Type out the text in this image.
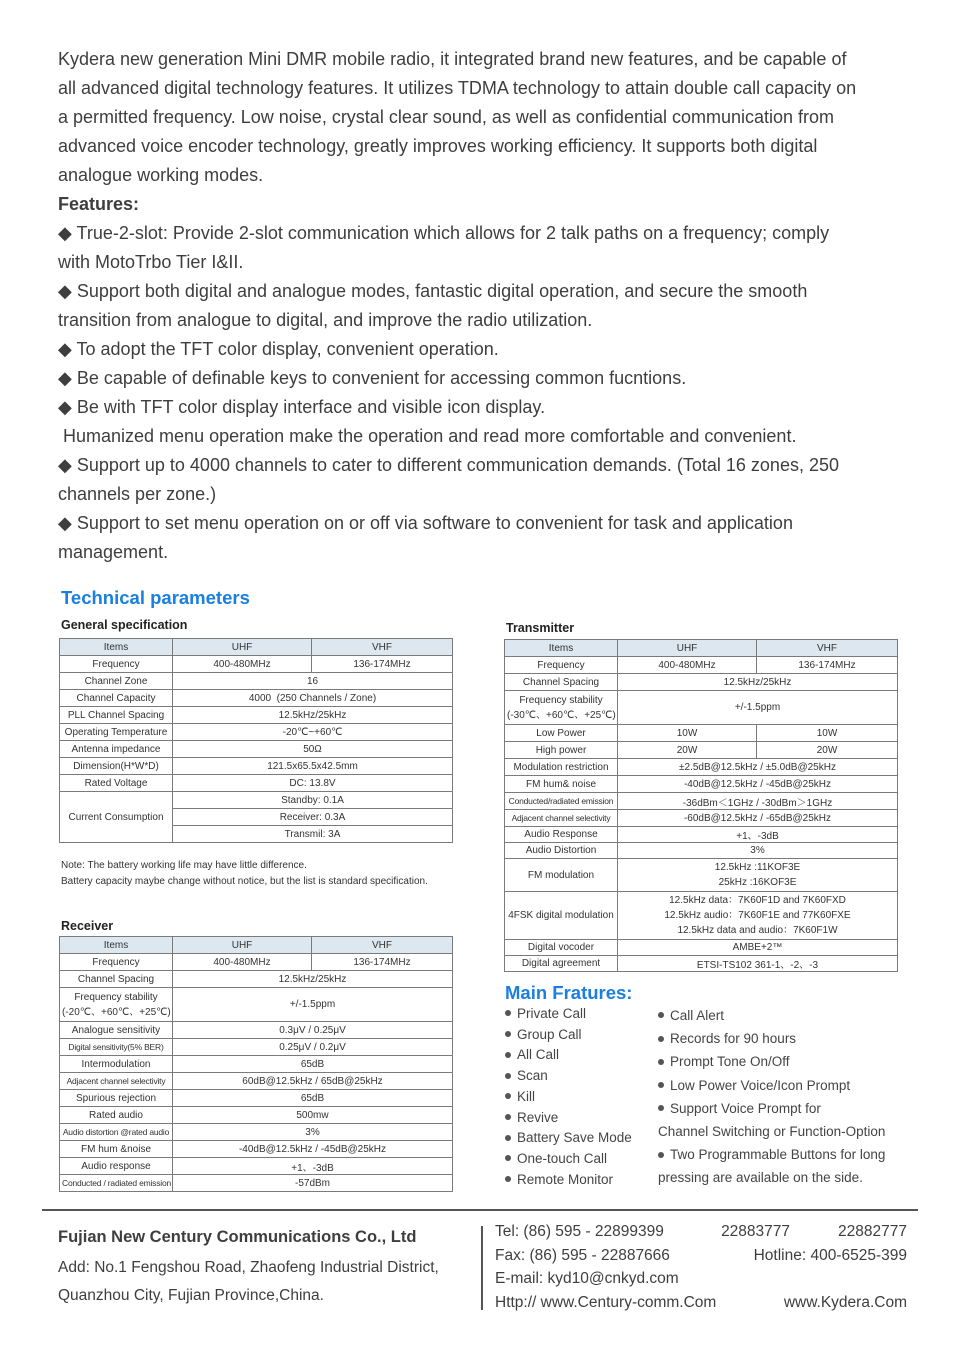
Kydera new generation Mini DMR mobile radio, it integrated brand new features, and be capable of

all advanced digital technology features. It utilizes TDMA technology to attain double call capacity on

a permitted frequency. Low noise, crystal clear sound, as well as confidential communication from

advanced voice encoder technology, greatly improves working efficiency. It supports both digital

analogue working modes.

Features:

◆ True-2-slot: Provide 2-slot communication which allows for 2 talk paths on a frequency; comply

with MotoTrbo Tier I&II.

◆ Support both digital and analogue modes, fantastic digital operation, and secure the smooth

transition from analogue to digital, and improve the radio utilization.

◆ To adopt the TFT color display, convenient operation.

◆ Be capable of definable keys to convenient for accessing common fucntions.

◆ Be with TFT color display interface and visible icon display.

Humanized menu operation make the operation and read more comfortable and convenient.

◆ Support up to 4000 channels to cater to different communication demands. (Total 16 zones, 250

channels per zone.)

◆ Support to set menu operation on or off via software to convenient for task and application

management.

Technical parameters
General specification
Items	UHF	VHF
Frequency	400-480MHz	136-174MHz
Channel Zone	16	
Channel Capacity	4000  (250 Channels / Zone)	
PLL Channel Spacing	12.5kHz/25kHz	
Operating Temperature	-20℃~+60℃	
Antenna impedance	50Ω	
Dimension(H*W*D)	121.5x65.5x42.5mm	
Rated Voltage	DC: 13.8V	
Current Consumption	Standby: 0.1A	
	Receiver: 0.3A	
	Transmil: 3A	
Note: The battery working life may have little difference.
Battery capacity maybe change without notice, but the list is standard specification.
Receiver
Items	UHF	VHF
Frequency	400-480MHz	136-174MHz
Channel Spacing	12.5kHz/25kHz	

Frequency stability
(-20℃、+60℃、+25℃)	+/-1.5ppm	
Analogue sensitivity	0.3μV / 0.25μV	
Digital sensitivity(5% BER)	0.25μV / 0.2μV	
Intermodulation	65dB	
Adjacent channel selectivity	60dB@12.5kHz / 65dB@25kHz	
Spurious rejection	65dB	
Rated audio	500mw	
Audio distortion @rated audio	3%	
FM hum &noise	-40dB@12.5kHz / -45dB@25kHz	
Audio response	+1、-3dB	
Conducted / radiated emission	-57dBm	
Transmitter
Items	UHF	VHF
Frequency	400-480MHz	136-174MHz
Channel Spacing	12.5kHz/25kHz	

Frequency stability
(-30℃、+60℃、+25℃)	+/-1.5ppm	
Low Power	10W	10W
High power	20W	20W
Modulation restriction	±2.5dB@12.5kHz / ±5.0dB@25kHz	
FM hum& noise	-40dB@12.5kHz / -45dB@25kHz	
Conducted/radiated emission	-36dBm＜1GHz / -30dBm＞1GHz	
Adjacent channel selectivity	-60dB@12.5kHz / -65dB@25kHz	
Audio Response	+1、-3dB	
Audio Distortion	3%	
FM modulation	12.5kHz :11KOF3E
25kHz :16KOF3E	

4FSK digital modulation	12.5kHz data：7K60F1D and 7K60FXD
12.5kHz audio：7K60F1E and 77K60FXE
12.5kHz data and audio：7K60F1W	

Digital vocoder	AMBE+2™	
Digital agreement	ETSI-TS102 361-1、-2、-3	
Main Fratures:
Private Call
Group Call
All Call
Scan
Kill
Revive
Battery Save Mode
One-touch Call
Remote Monitor
Call Alert
Records for 90 hours
Prompt Tone On/Off
Low Power Voice/Icon Prompt
Support Voice Prompt for
Channel Switching or Function-Option
Two Programmable Buttons for long
pressing are available on the side.
Fujian New Century Communications Co., Ltd
Add: No.1 Fengshou Road, Zhaofeng Industrial District,
Quanzhou City, Fujian Province,China.
Tel: (86) 595 - 22899399	22883777	22882777
Fax: (86) 595 - 22887666	Hotline: 400-6525-399
E-mail: kyd10@cnkyd.com
Http:// www.Century-comm.Com	www.Kydera.Com
